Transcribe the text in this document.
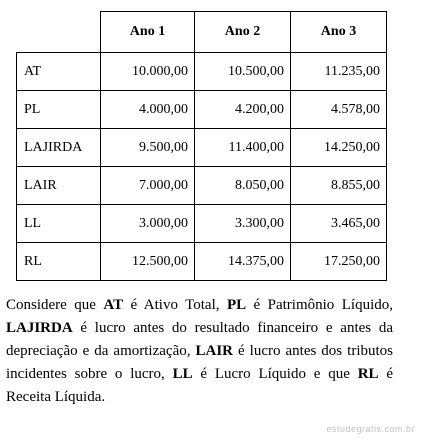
	Ano 1	Ano 2	Ano 3
AT	10.000,00	10.500,00	11.235,00
PL	4.000,00	4.200,00	4.578,00
LAJIRDA	9.500,00	11.400,00	14.250,00
LAIR	7.000,00	8.050,00	8.855,00
LL	3.000,00	3.300,00	3.465,00
RL	12.500,00	14.375,00	17.250,00

Considere que AT é Ativo Total, PL é Patrimônio Líquido, LAJIRDA é lucro antes do resultado financeiro e antes da depreciação e da amortização, LAIR é lucro antes dos tributos incidentes sobre o lucro, LL é Lucro Líquido e que RL é Receita Líquida.

estudegratis.com.br
